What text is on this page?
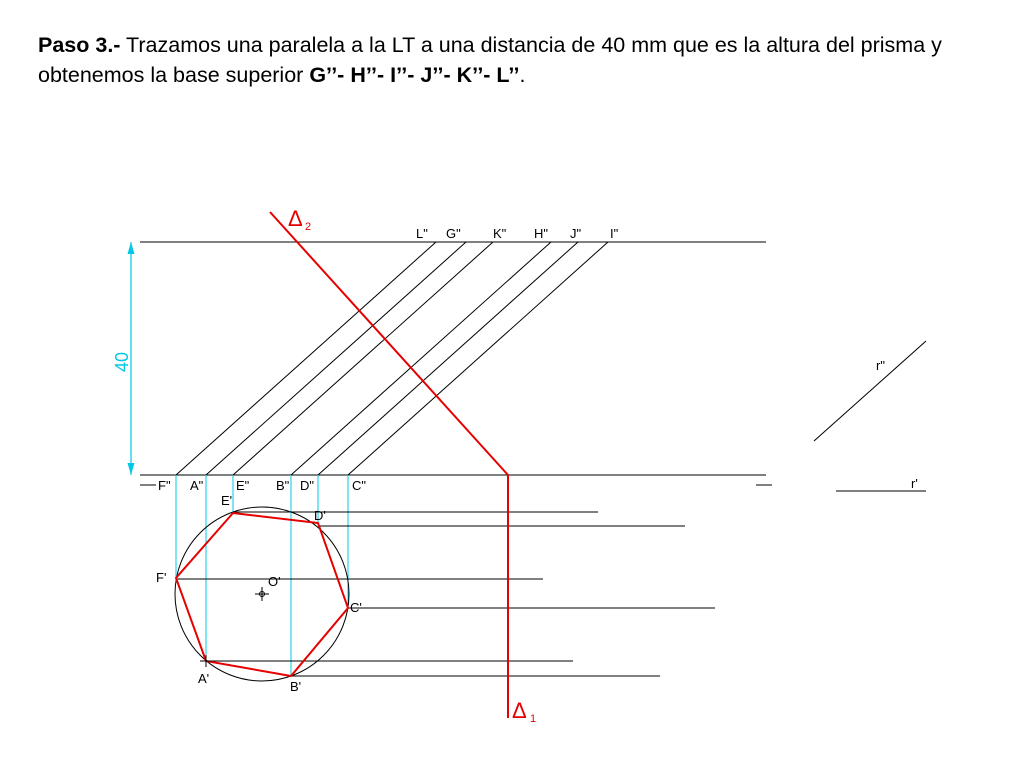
Paso 3.- Trazamos una paralela a la LT a una distancia de 40 mm que es la altura del prisma y obtenemos la base superior G’’- H’’- I’’- J’’- K’’- L’’.
40
Δ 2
Δ 1
L" G" K" H" J" I"
F" A"	E" B" D"	C"
E'
D'
F'	O'
C'
A'
B'
r"
r'
